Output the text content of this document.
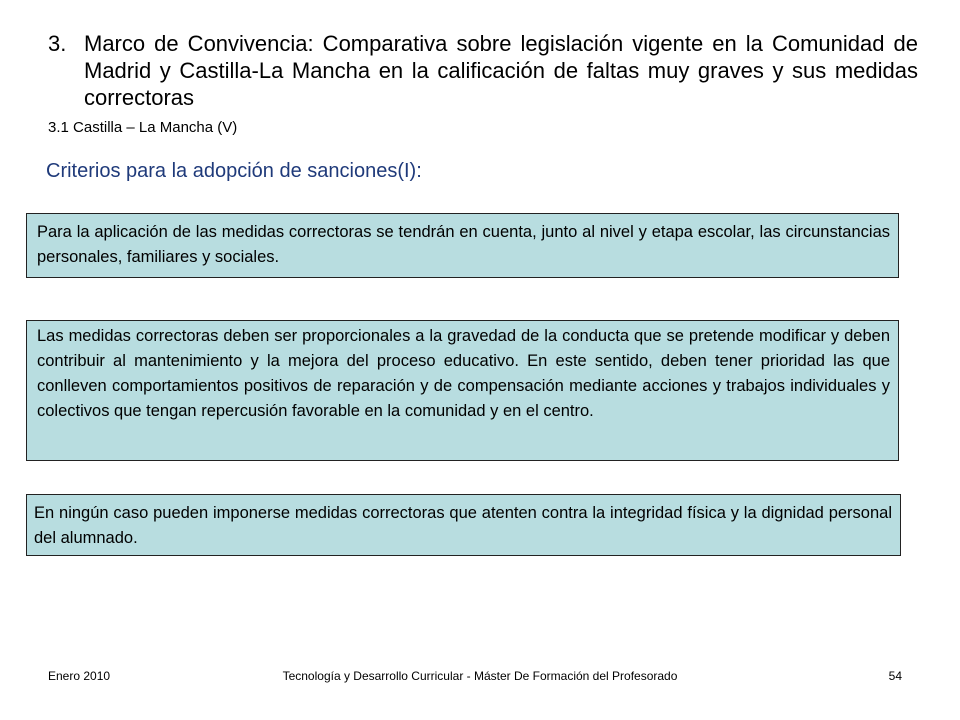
3. Marco de Convivencia: Comparativa sobre legislación vigente en la Comunidad de Madrid y Castilla-La Mancha en la calificación de faltas muy graves y sus medidas correctoras
3.1 Castilla – La Mancha (V)
Criterios para la adopción de sanciones(I):
Para la aplicación de las medidas correctoras se tendrán en cuenta, junto al nivel y etapa escolar, las circunstancias personales, familiares y sociales.
Las medidas correctoras deben ser proporcionales a la gravedad de la conducta que se pretende modificar y deben contribuir al mantenimiento y la mejora del proceso educativo. En este sentido, deben tener prioridad las que conlleven comportamientos positivos de reparación y de compensación mediante acciones y trabajos individuales y colectivos que tengan repercusión favorable en la comunidad y en el centro.
En ningún caso pueden imponerse medidas correctoras que atenten contra la integridad física y la dignidad personal del alumnado.
Enero 2010	Tecnología y Desarrollo Curricular - Máster De Formación del Profesorado	54
